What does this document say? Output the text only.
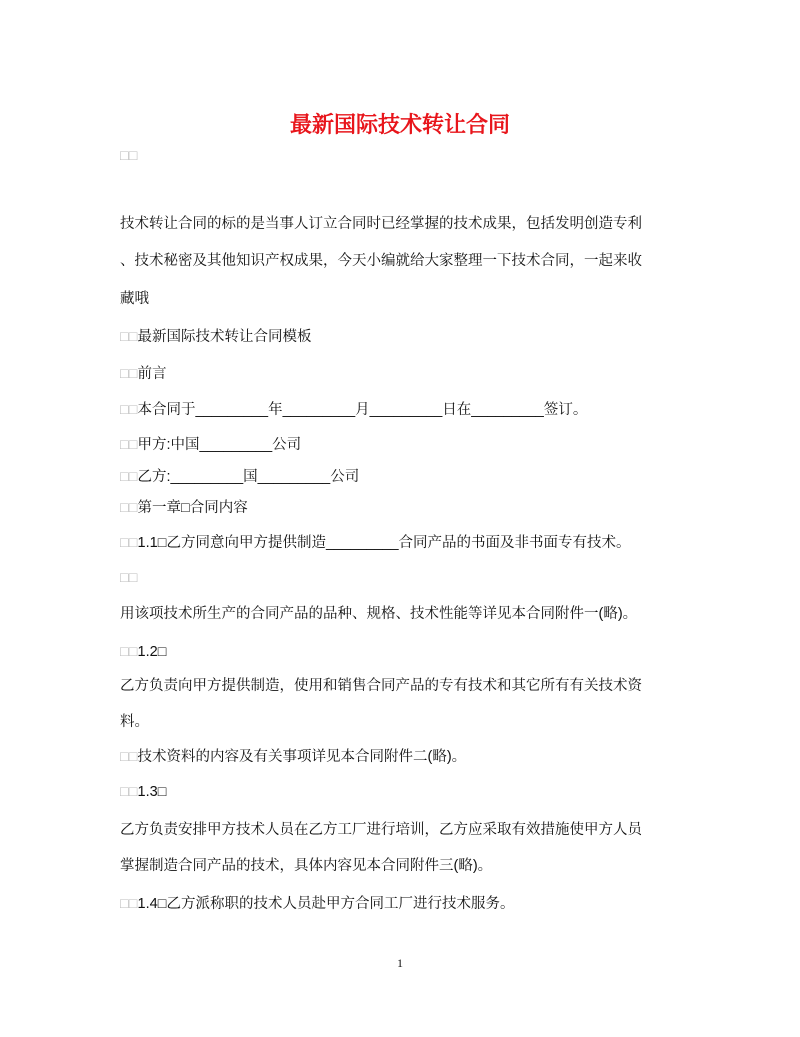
最新国际技术转让合同
□□
技术转让合同的标的是当事人订立合同时已经掌握的技术成果，包括发明创造专利
、技术秘密及其他知识产权成果，今天小编就给大家整理一下技术合同，一起来收
藏哦
□□最新国际技术转让合同模板
□□前言
□□本合同于_________年_________月_________日在_________签订。
□□甲方:中国_________公司
□□乙方:_________国_________公司
□□第一章□合同内容
□□1.1□乙方同意向甲方提供制造_________合同产品的书面及非书面专有技术。
□□
用该项技术所生产的合同产品的品种、规格、技术性能等详见本合同附件一(略)。
□□1.2□
乙方负责向甲方提供制造，使用和销售合同产品的专有技术和其它所有有关技术资
料。
□□技术资料的内容及有关事项详见本合同附件二(略)。
□□1.3□
乙方负责安排甲方技术人员在乙方工厂进行培训，乙方应采取有效措施使甲方人员
掌握制造合同产品的技术，具体内容见本合同附件三(略)。
□□1.4□乙方派称职的技术人员赴甲方合同工厂进行技术服务。
1
